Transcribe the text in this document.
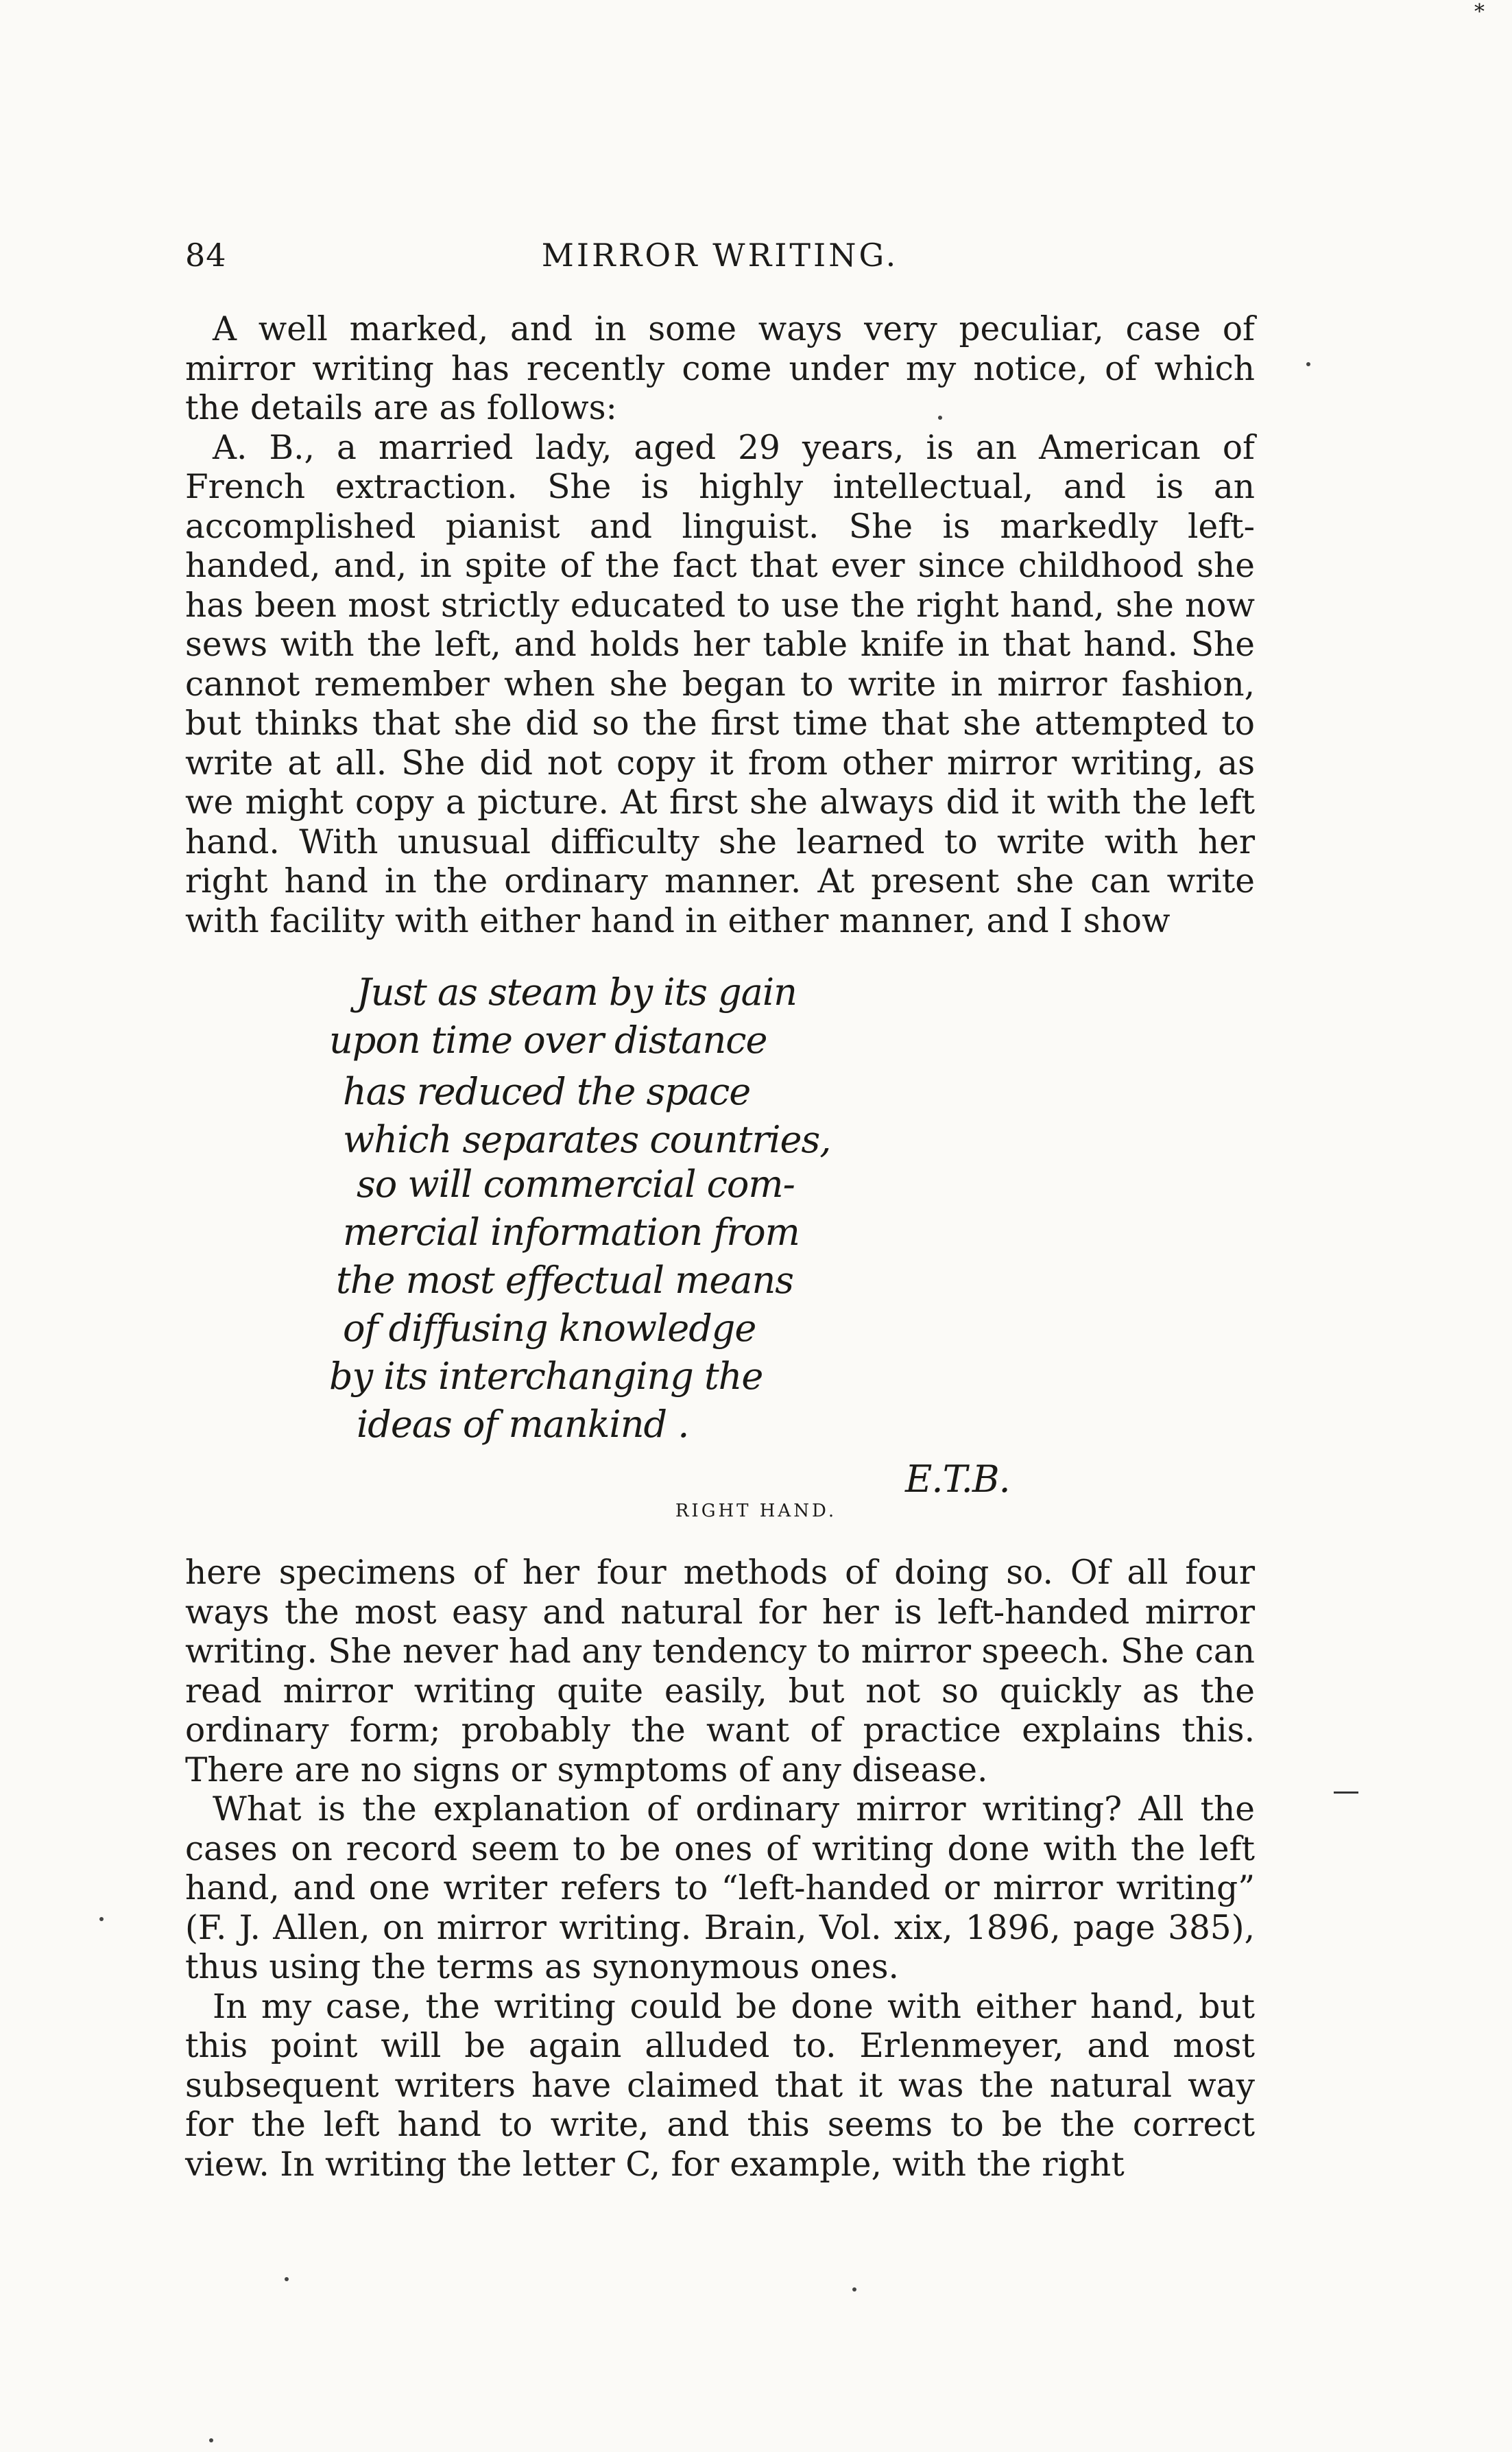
*
84	MIRROR WRITING.

A well marked, and in some ways very peculiar, case of mirror writing has recently come under my notice, of which the details are as follows:

A. B., a married lady, aged 29 years, is an American of French extraction. She is highly intellectual, and is an accomplished pianist and linguist. She is markedly left-handed, and, in spite of the fact that ever since childhood she has been most strictly educated to use the right hand, she now sews with the left, and holds her table knife in that hand. She cannot remember when she began to write in mirror fashion, but thinks that she did so the first time that she attempted to write at all. She did not copy it from other mirror writing, as we might copy a picture. At first she always did it with the left hand. With unusual difficulty she learned to write with her right hand in the ordinary manner. At present she can write with facility with either hand in either manner, and I show

Just as steam by its gain
upon time over distance
has reduced the space
which separates countries,
so will commercial com-
mercial information from
the most effectual means
of diffusing knowledge
by its interchanging the
ideas of mankind .
E.T.B.
RIGHT HAND.

here specimens of her four methods of doing so. Of all four ways the most easy and natural for her is left-handed mirror writing. She never had any tendency to mirror speech. She can read mirror writing quite easily, but not so quickly as the ordinary form; probably the want of practice explains this. There are no signs or symptoms of any disease.

What is the explanation of ordinary mirror writing? All the cases on record seem to be ones of writing done with the left hand, and one writer refers to “left-handed or mirror writing” (F. J. Allen, on mirror writing. Brain, Vol. xix, 1896, page 385), thus using the terms as synonymous ones.

In my case, the writing could be done with either hand, but this point will be again alluded to. Erlenmeyer, and most subsequent writers have claimed that it was the natural way for the left hand to write, and this seems to be the correct view. In writing the letter C, for example, with the right
